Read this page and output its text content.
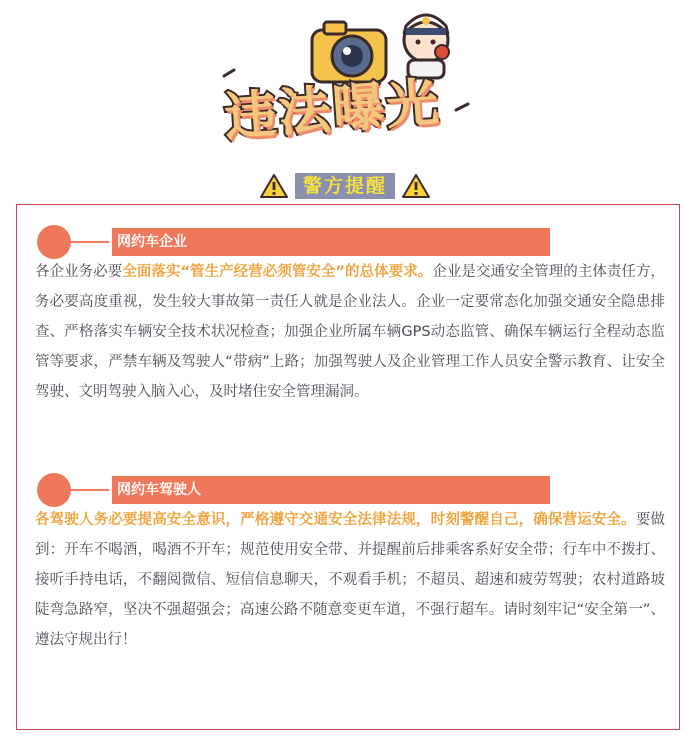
违法曝光
警方提醒
网约车企业
各企业务必要全面落实“管生产经营必须管安全”的总体要求。企业是交通安全管理的主体责任方，务必要高度重视，发生较大事故第一责任人就是企业法人。企业一定要常态化加强交通安全隐患排查、严格落实车辆安全技术状况检查；加强企业所属车辆GPS动态监管、确保车辆运行全程动态监管等要求，严禁车辆及驾驶人“带病”上路；加强驾驶人及企业管理工作人员安全警示教育、让安全驾驶、文明驾驶入脑入心，及时堵住安全管理漏洞。
网约车驾驶人
各驾驶人务必要提高安全意识，严格遵守交通安全法律法规，时刻警醒自己，确保营运安全。要做到：开车不喝酒，喝酒不开车；规范使用安全带、并提醒前后排乘客系好安全带；行车中不拨打、接听手持电话，不翻阅微信、短信信息聊天，不观看手机；不超员、超速和疲劳驾驶；农村道路坡陡弯急路窄，坚决不强超强会；高速公路不随意变更车道，不强行超车。请时刻牢记“安全第一”、遵法守规出行！
